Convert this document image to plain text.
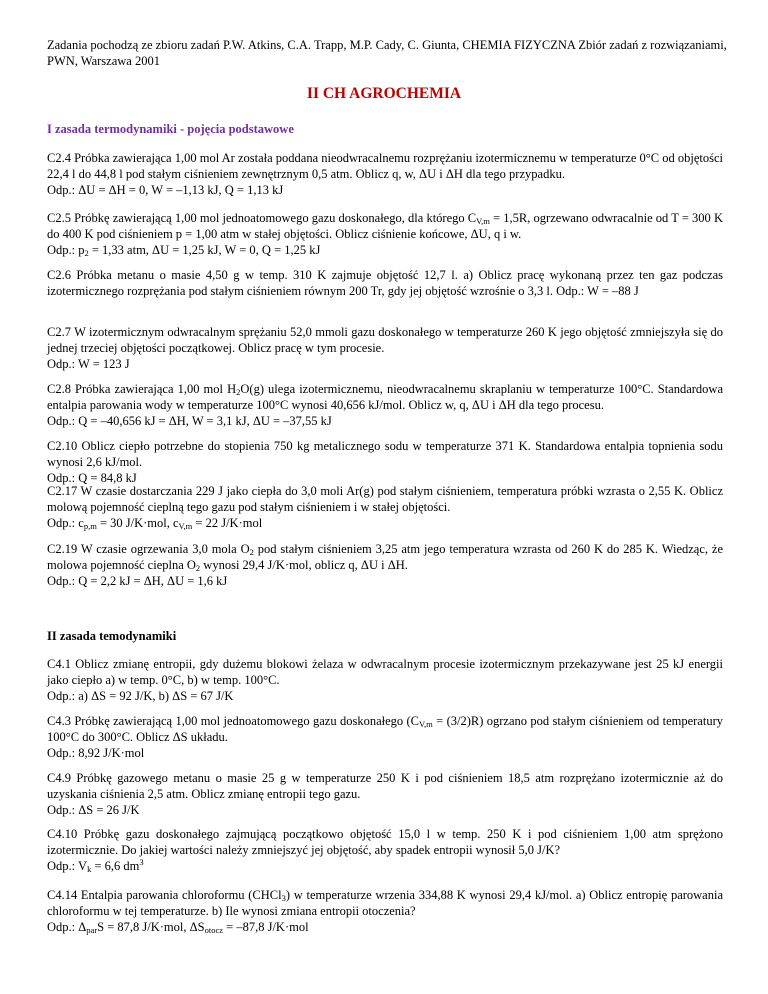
Zadania pochodzą ze zbioru zadań P.W. Atkins, C.A. Trapp, M.P. Cady, C. Giunta, CHEMIA FIZYCZNA Zbiór zadań z rozwiązaniami, PWN, Warszawa 2001
II CH AGROCHEMIA
I zasada termodynamiki - pojęcia podstawowe

C2.4 Próbka zawierająca 1,00 mol Ar została poddana nieodwracalnemu rozprężaniu izotermicznemu w temperaturze 0°C od objętości 22,4 l do 44,8 l pod stałym ciśnieniem zewnętrznym 0,5 atm. Oblicz q, w, ΔU i ΔH dla tego przypadku.

Odp.: ΔU = ΔH = 0, W = –1,13 kJ, Q = 1,13 kJ

C2.5 Próbkę zawierającą 1,00 mol jednoatomowego gazu doskonałego, dla którego $C_{V,m} = 1,5R$, ogrzewano odwracalnie od T = 300 K do 400 K pod ciśnieniem p = 1,00 atm w stałej objętości. Oblicz ciśnienie końcowe, ΔU, q i w.

Odp.: $p_2 = 1,33$ atm, ΔU = 1,25 kJ, W = 0, Q = 1,25 kJ

C2.6 Próbka metanu o masie 4,50 g w temp. 310 K zajmuje objętość 12,7 l. a) Oblicz pracę wykonaną przez ten gaz podczas izotermicznego rozprężania pod stałym ciśnieniem równym 200 Tr, gdy jej objętość wzrośnie o 3,3 l. Odp.: W = –88 J

C2.7 W izotermicznym odwracalnym sprężaniu 52,0 mmoli gazu doskonałego w temperaturze 260 K jego objętość zmniejszyła się do jednej trzeciej objętości początkowej. Oblicz pracę w tym procesie.

Odp.: W = 123 J

C2.8 Próbka zawierająca 1,00 mol $H_2O(g)$ ulega izotermicznemu, nieodwracalnemu skraplaniu w temperaturze 100°C. Standardowa entalpia parowania wody w temperaturze 100°C wynosi 40,656 kJ/mol. Oblicz w, q, ΔU i ΔH dla tego procesu.

Odp.: Q = –40,656 kJ = ΔH, W = 3,1 kJ, ΔU = –37,55 kJ

C2.10 Oblicz ciepło potrzebne do stopienia 750 kg metalicznego sodu w temperaturze 371 K. Standardowa entalpia topnienia sodu wynosi 2,6 kJ/mol.

Odp.: Q = 84,8 kJ

C2.17 W czasie dostarczania 229 J jako ciepła do 3,0 moli Ar(g) pod stałym ciśnieniem, temperatura próbki wzrasta o 2,55 K. Oblicz molową pojemność cieplną tego gazu pod stałym ciśnieniem i w stałej objętości.

Odp.: $c_{p,m} = 30$ J/K·mol, $c_{V,m} = 22$ J/K·mol

C2.19 W czasie ogrzewania 3,0 mola $O_2$ pod stałym ciśnieniem 3,25 atm jego temperatura wzrasta od 260 K do 285 K. Wiedząc, że molowa pojemność cieplna $O_2$ wynosi 29,4 J/K·mol, oblicz q, ΔU i ΔH.

Odp.: Q = 2,2 kJ = ΔH, ΔU = 1,6 kJ

II zasada temodynamiki

C4.1 Oblicz zmianę entropii, gdy dużemu blokowi żelaza w odwracalnym procesie izotermicznym przekazywane jest 25 kJ energii jako ciepło a) w temp. 0°C, b) w temp. 100°C.

Odp.: a) ΔS = 92 J/K, b) ΔS = 67 J/K

C4.3 Próbkę zawierającą 1,00 mol jednoatomowego gazu doskonałego $(C_{V,m} = (3/2)R)$ ogrzano pod stałym ciśnieniem od temperatury 100°C do 300°C. Oblicz ΔS układu.

Odp.: 8,92 J/K·mol

C4.9 Próbkę gazowego metanu o masie 25 g w temperaturze 250 K i pod ciśnieniem 18,5 atm rozprężano izotermicznie aż do uzyskania ciśnienia 2,5 atm. Oblicz zmianę entropii tego gazu.

Odp.: ΔS = 26 J/K

C4.10 Próbkę gazu doskonałego zajmującą początkowo objętość 15,0 l w temp. 250 K i pod ciśnieniem 1,00 atm sprężono izotermicznie. Do jakiej wartości należy zmniejszyć jej objętość, aby spadek entropii wynosił 5,0 J/K?

Odp.: $V_k = 6,6$ $dm^3$

C4.14 Entalpia parowania chloroformu (CHCl$_3$) w temperaturze wrzenia 334,88 K wynosi 29,4 kJ/mol. a) Oblicz entropię parowania chloroformu w tej temperaturze. b) Ile wynosi zmiana entropii otoczenia?

Odp.: $\Delta_{par}S = 87,8$ J/K·mol, $\Delta S_{otocz} = -87,8$ J/K·mol
